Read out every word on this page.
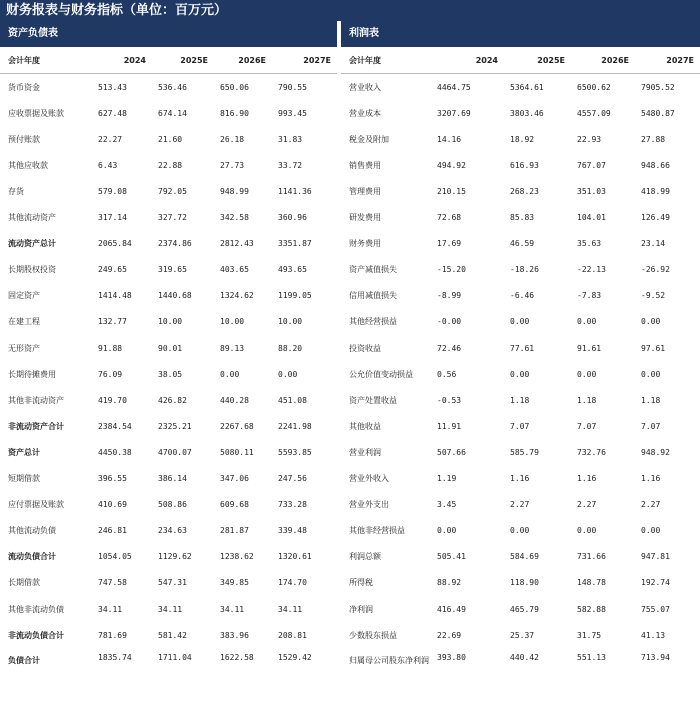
财务报表与财务指标（单位：百万元）
资产负债表	利润表
会计年度	2024	2025E	2026E	2027E
货币资金	513.43	536.46	650.06	790.55
应收票据及账款	627.48	674.14	816.90	993.45
预付账款	22.27	21.60	26.18	31.83
其他应收款	6.43	22.88	27.73	33.72
存货	579.08	792.05	948.99	1141.36
其他流动资产	317.14	327.72	342.58	360.96
流动资产总计	2065.84	2374.86	2812.43	3351.87
长期股权投资	249.65	319.65	403.65	493.65
固定资产	1414.48	1440.68	1324.62	1199.05
在建工程	132.77	10.00	10.00	10.00
无形资产	91.88	90.01	89.13	88.20
长期待摊费用	76.09	38.05	0.00	0.00
其他非流动资产	419.70	426.82	440.28	451.08
非流动资产合计	2384.54	2325.21	2267.68	2241.98
资产总计	4450.38	4700.07	5080.11	5593.85
短期借款	396.55	386.14	347.06	247.56
应付票据及账款	410.69	508.86	609.68	733.28
其他流动负债	246.81	234.63	281.87	339.48
流动负债合计	1054.05	1129.62	1238.62	1320.61
长期借款	747.58	547.31	349.85	174.70
其他非流动负债	34.11	34.11	34.11	34.11
非流动负债合计	781.69	581.42	383.96	208.81
负债合计	1835.74	1711.04	1622.58	1529.42
会计年度	2024	2025E	2026E	2027E
营业收入	4464.75	5364.61	6500.62	7905.52
营业成本	3207.69	3803.46	4557.09	5480.87
税金及附加	14.16	18.92	22.93	27.88
销售费用	494.92	616.93	767.07	948.66
管理费用	210.15	268.23	351.03	418.99
研发费用	72.68	85.83	104.01	126.49
财务费用	17.69	46.59	35.63	23.14
资产减值损失	-15.20	-18.26	-22.13	-26.92
信用减值损失	-8.99	-6.46	-7.83	-9.52
其他经营损益	-0.00	0.00	0.00	0.00
投资收益	72.46	77.61	91.61	97.61
公允价值变动损益	0.56	0.00	0.00	0.00
资产处置收益	-0.53	1.18	1.18	1.18
其他收益	11.91	7.07	7.07	7.07
营业利润	507.66	585.79	732.76	948.92
营业外收入	1.19	1.16	1.16	1.16
营业外支出	3.45	2.27	2.27	2.27
其他非经营损益	0.00	0.00	0.00	0.00
利润总额	505.41	584.69	731.66	947.81
所得税	88.92	118.90	148.78	192.74
净利润	416.49	465.79	582.88	755.07
少数股东损益	22.69	25.37	31.75	41.13
归属母公司股东净利润	393.80	440.42	551.13	713.94
